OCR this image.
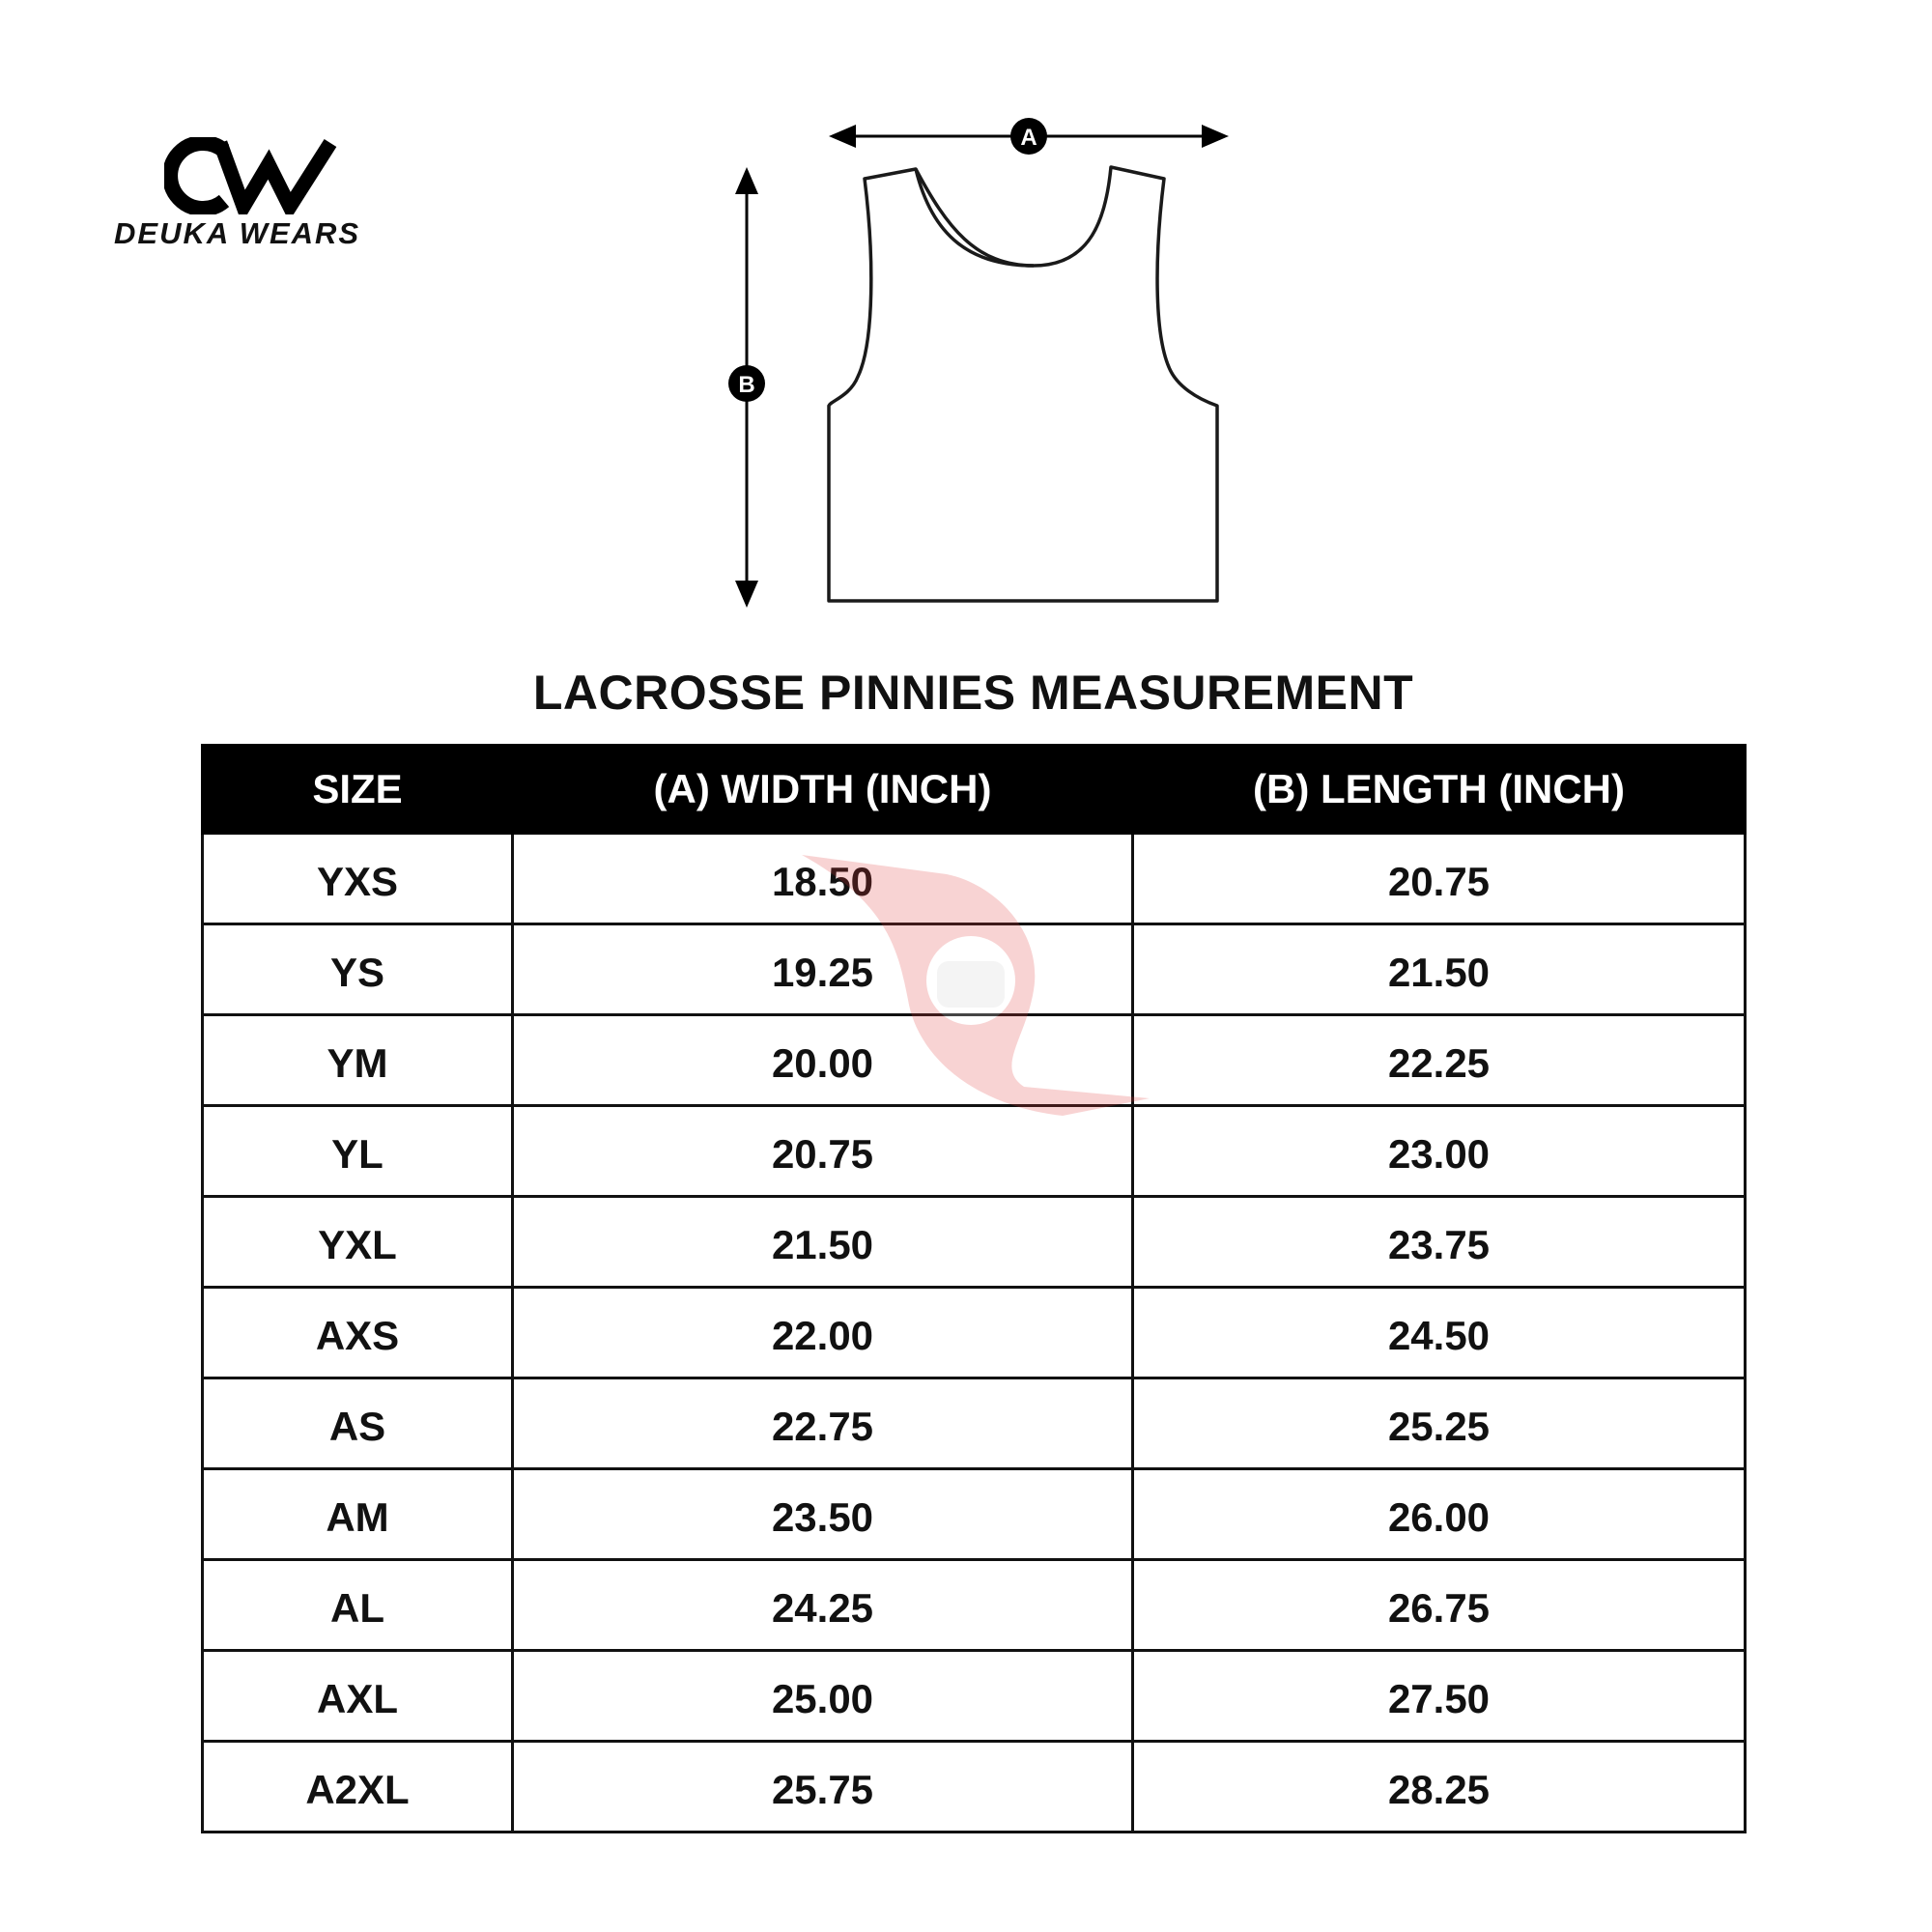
DEUKA WEARS
A
B
LACROSSE PINNIES MEASUREMENT
SIZE	(A) WIDTH (INCH)	(B) LENGTH (INCH)
YXS	18.50	20.75
YS	19.25	21.50
YM	20.00	22.25
YL	20.75	23.00
YXL	21.50	23.75
AXS	22.00	24.50
AS	22.75	25.25
AM	23.50	26.00
AL	24.25	26.75
AXL	25.00	27.50
A2XL	25.75	28.25
